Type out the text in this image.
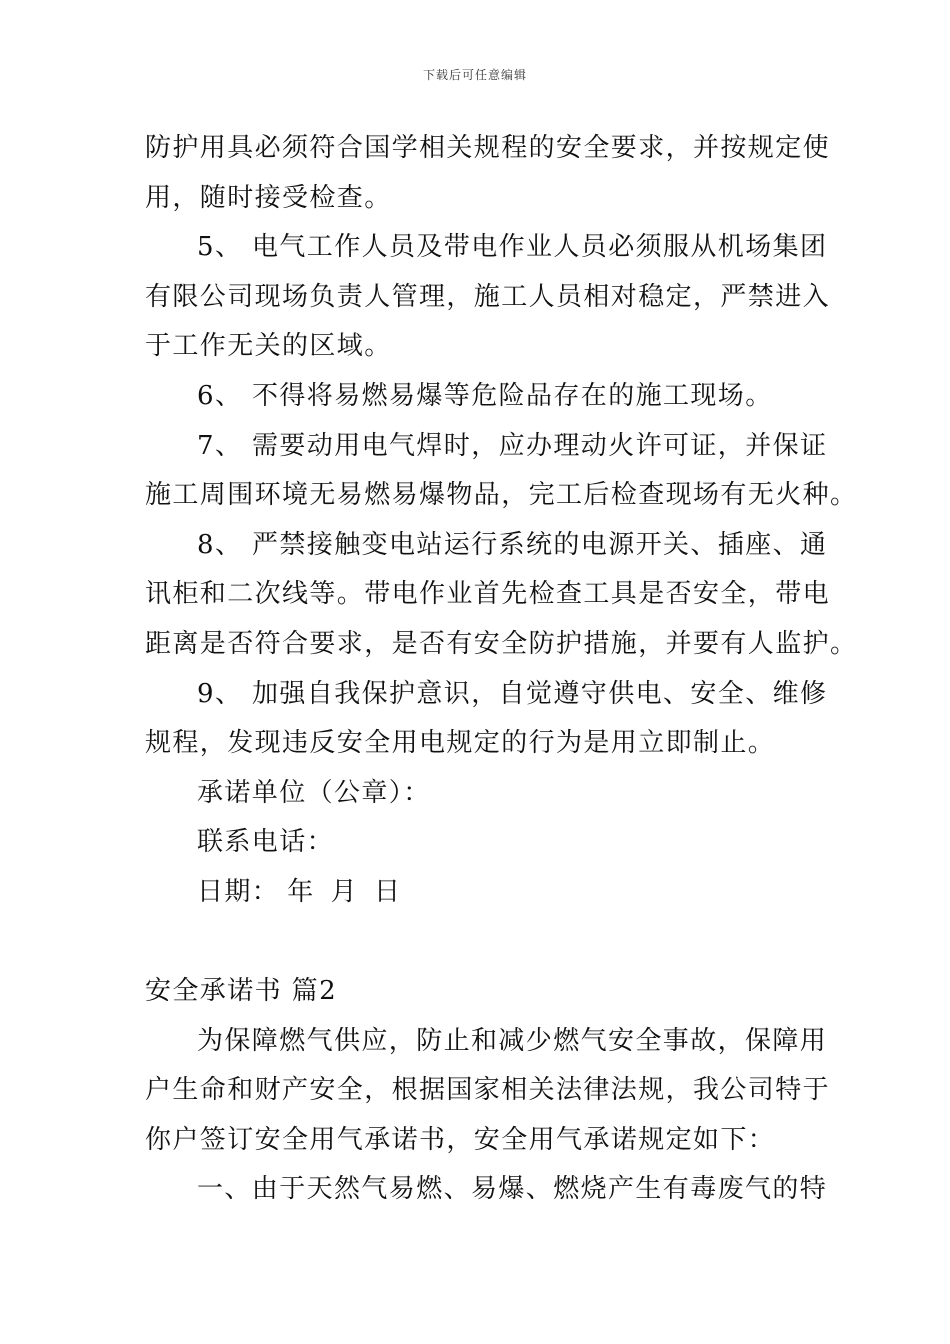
下载后可任意编辑
防护用具必须符合国学相关规程的安全要求，并按规定使
用，随时接受检查。
5、 电气工作人员及带电作业人员必须服从机场集团
有限公司现场负责人管理，施工人员相对稳定，严禁进入
于工作无关的区域。
6、 不得将易燃易爆等危险品存在的施工现场。
7、 需要动用电气焊时，应办理动火许可证，并保证
施工周围环境无易燃易爆物品，完工后检查现场有无火种。
8、 严禁接触变电站运行系统的电源开关、插座、通
讯柜和二次线等。带电作业首先检查工具是否安全，带电
距离是否符合要求，是否有安全防护措施，并要有人监护。
9、 加强自我保护意识，自觉遵守供电、安全、维修
规程，发现违反安全用电规定的行为是用立即制止。
承诺单位（公章）：
联系电话：
日期： 年 月 日
安全承诺书 篇2
为保障燃气供应，防止和减少燃气安全事故，保障用
户生命和财产安全，根据国家相关法律法规，我公司特于
你户签订安全用气承诺书，安全用气承诺规定如下：
一、由于天然气易燃、易爆、燃烧产生有毒废气的特
